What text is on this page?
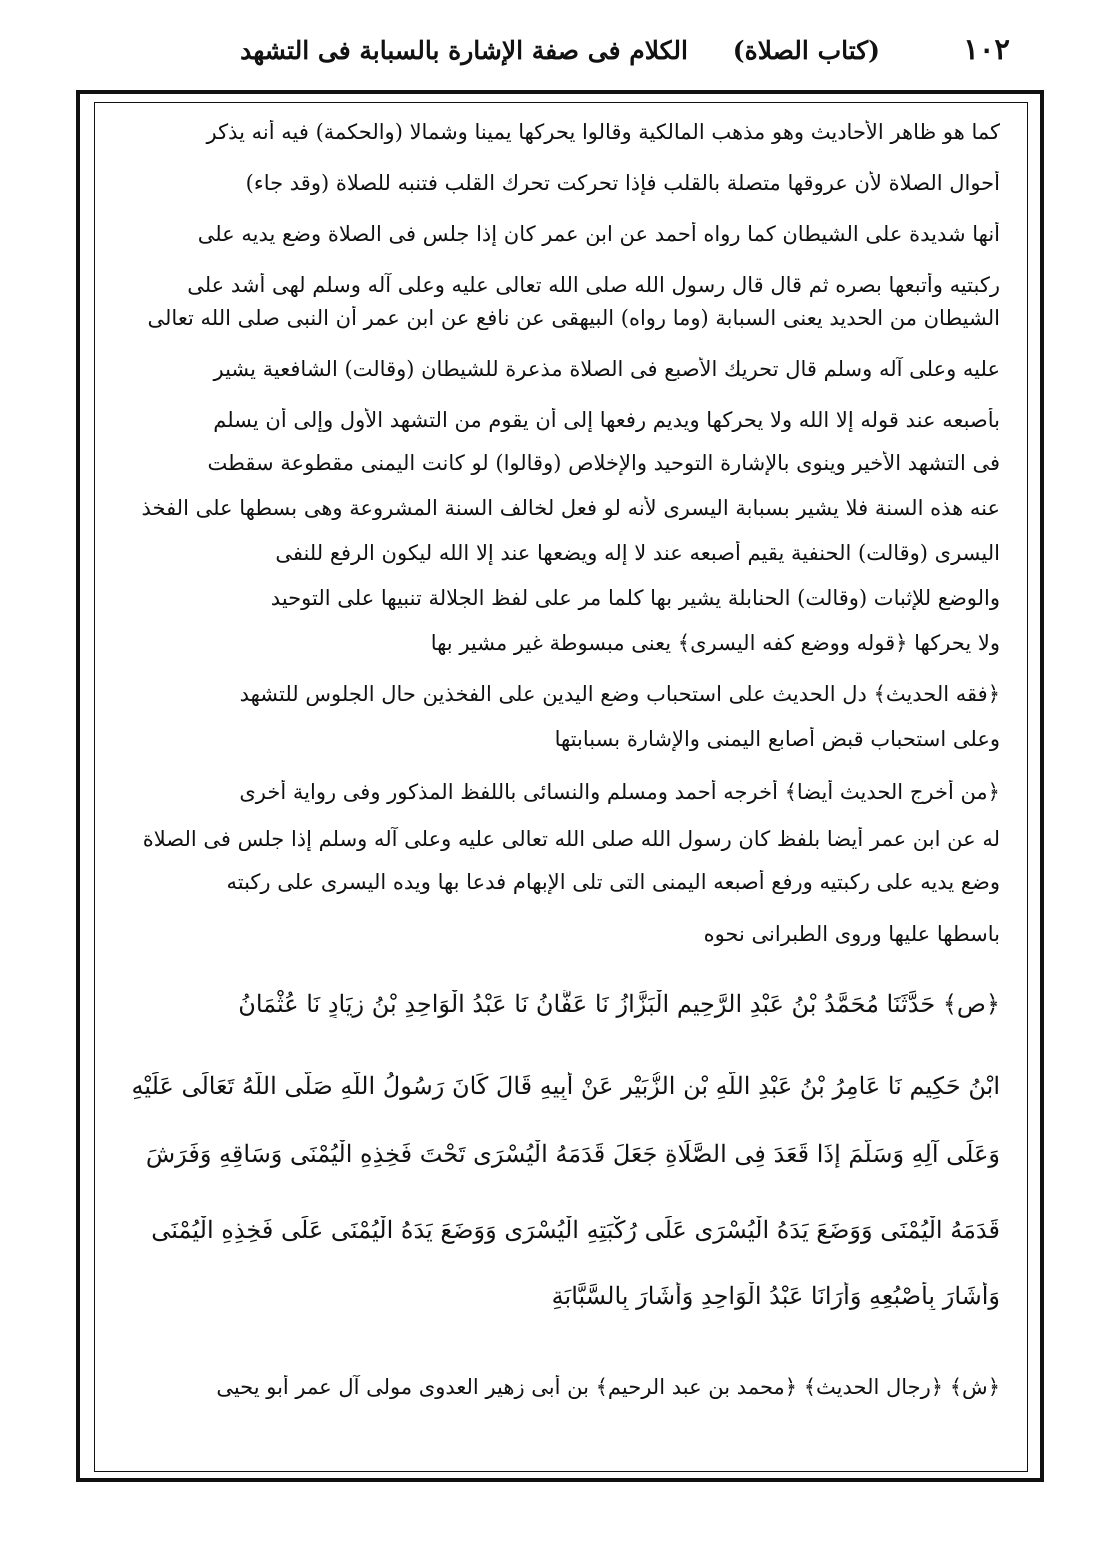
١٠٢
(كتاب الصلاة)
الكلام فى صفة الإشارة بالسبابة فى التشهد
كما هو ظاهر الأحاديث وهو مذهب المالكية وقالوا يحركها يمينا وشمالا (والحكمة) فيه أنه يذكر
أحوال الصلاة لأن عروقها متصلة بالقلب فإذا تحركت تحرك القلب فتنبه للصلاة (وقد جاء)
أنها شديدة على الشيطان كما رواه أحمد عن ابن عمر كان إذا جلس فى الصلاة وضع يديه على
ركبتيه وأتبعها بصره ثم قال قال رسول الله صلى الله تعالى عليه وعلى آله وسلم لهى أشد على
الشيطان من الحديد يعنى السبابة (وما رواه) البيهقى عن نافع عن ابن عمر أن النبى صلى الله تعالى
عليه وعلى آله وسلم قال تحريك الأصبع فى الصلاة مذعرة للشيطان (وقالت) الشافعية يشير
بأصبعه عند قوله إلا الله ولا يحركها ويديم رفعها إلى أن يقوم من التشهد الأول وإلى أن يسلم
فى التشهد الأخير وينوى بالإشارة التوحيد والإخلاص (وقالوا) لو كانت اليمنى مقطوعة سقطت
عنه هذه السنة فلا يشير بسبابة اليسرى لأنه لو فعل لخالف السنة المشروعة وهى بسطها على الفخذ
اليسرى (وقالت) الحنفية يقيم أصبعه عند لا إله ويضعها عند إلا الله ليكون الرفع للنفى
والوضع للإثبات (وقالت) الحنابلة يشير بها كلما مر على لفظ الجلالة تنبيها على التوحيد
ولا يحركها ﴿قوله ووضع كفه اليسرى﴾ يعنى مبسوطة غير مشير بها
﴿فقه الحديث﴾ دل الحديث على استحباب وضع اليدين على الفخذين حال الجلوس للتشهد
وعلى استحباب قبض أصابع اليمنى والإشارة بسبابتها
﴿من أخرج الحديث أيضا﴾ أخرجه أحمد ومسلم والنسائى باللفظ المذكور وفى رواية أخرى
له عن ابن عمر أيضا بلفظ كان رسول الله صلى الله تعالى عليه وعلى آله وسلم إذا جلس فى الصلاة
وضع يديه على ركبتيه ورفع أصبعه اليمنى التى تلى الإبهام فدعا بها ويده اليسرى على ركبته
باسطها عليها وروى الطبرانى نحوه
﴿ص﴾ حَدَّثَنَا مُحَمَّدُ بْنُ عَبْدِ الرَّحِيمِ الْبَزَّازُ نَا عَفَّانُ نَا عَبْدُ الْوَاحِدِ بْنُ زِيَادٍ نَا عُثْمَانُ
ابْنُ حَكِيمٍ نَا عَامِرُ بْنُ عَبْدِ اللَّهِ بْنِ الزُّبَيْرِ عَنْ أَبِيهِ قَالَ كَانَ رَسُولُ اللَّهِ صَلَّى اللَّهُ تَعَالَى عَلَيْهِ
وَعَلَى آلِهِ وَسَلَّمَ إِذَا قَعَدَ فِى الصَّلَاةِ جَعَلَ قَدَمَهُ الْيُسْرَى تَحْتَ فَخِذِهِ الْيُمْنَى وَسَاقِهِ وَفَرَشَ
قَدَمَهُ الْيُمْنَى وَوَضَعَ يَدَهُ الْيُسْرَى عَلَى رُكْبَتِهِ الْيُسْرَى وَوَضَعَ يَدَهُ الْيُمْنَى عَلَى فَخِذِهِ الْيُمْنَى
وَأَشَارَ بِأُصْبُعِهِ وَأَرَانَا عَبْدُ الْوَاحِدِ وَأَشَارَ بِالسَّبَّابَةِ
﴿ش﴾ ﴿رجال الحديث﴾ ﴿محمد بن عبد الرحيم﴾ بن أبى زهير العدوى مولى آل عمر أبو يحيى
